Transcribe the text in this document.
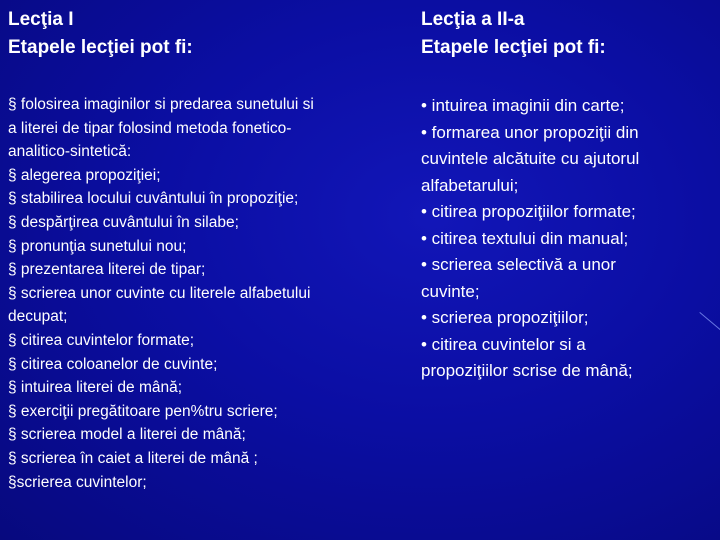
Lecţia I
Etapele lecţiei pot fi:
Lecţia a II-a
Etapele lecţiei pot fi:
§ folosirea imaginilor si predarea sunetului si
a literei de tipar folosind metoda fonetico-
analitico-sintetică:
§ alegerea propoziţiei;
§ stabilirea locului cuvântului în propoziţie;
§ despărţirea cuvântului în silabe;
§ pronunţia sunetului nou;
§ prezentarea literei de tipar;
§ scrierea unor cuvinte cu literele alfabetului
decupat;
§ citirea cuvintelor formate;
§ citirea coloanelor de cuvinte;
§ intuirea literei de mână;
§ exerciţii pregătitoare pen%tru scriere;
§ scrierea model a literei de mână;
§ scrierea în caiet a literei de mână ;
§scrierea cuvintelor;
• intuirea imaginii din carte;
• formarea unor propoziţii din
cuvintele alcătuite cu ajutorul
alfabetarului;
• citirea propoziţiilor formate;
• citirea textului din manual;
• scrierea selectivă a unor
cuvinte;
• scrierea propoziţiilor;
• citirea cuvintelor si a
propoziţiilor scrise de mână;
